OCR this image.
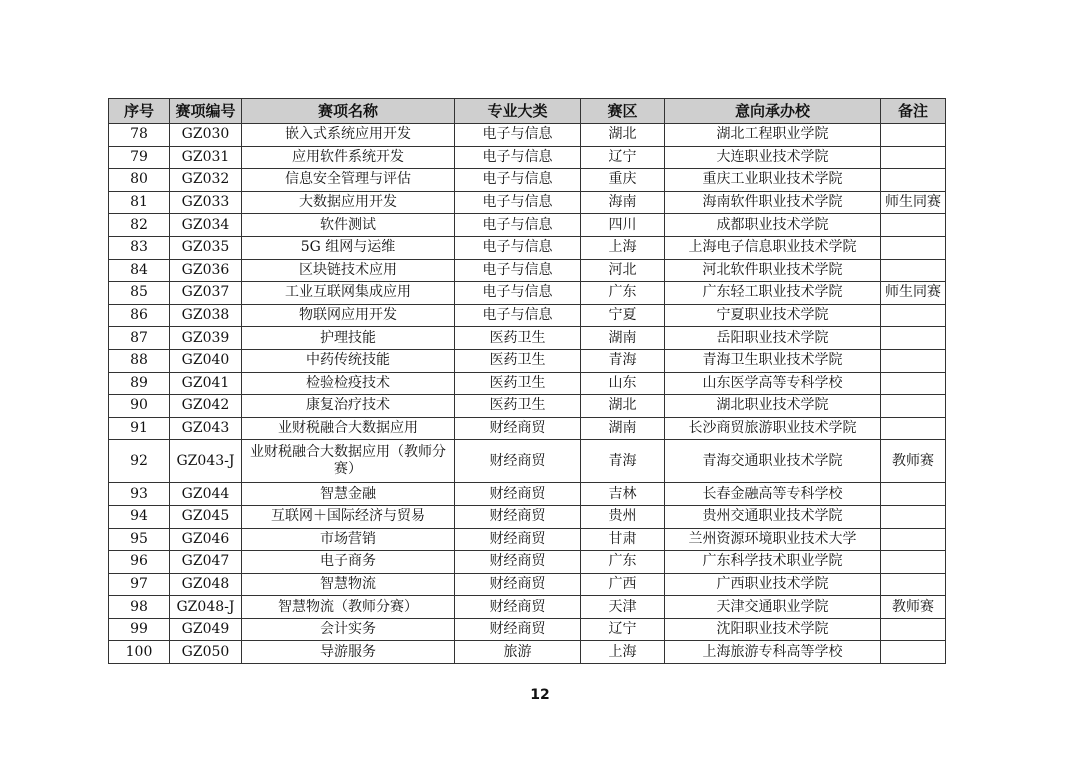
序号	赛项编号	赛项名称	专业大类	赛区	意向承办校	备注
78	GZ030	嵌入式系统应用开发	电子与信息	湖北	湖北工程职业学院	
79	GZ031	应用软件系统开发	电子与信息	辽宁	大连职业技术学院	
80	GZ032	信息安全管理与评估	电子与信息	重庆	重庆工业职业技术学院	
81	GZ033	大数据应用开发	电子与信息	海南	海南软件职业技术学院	师生同赛
82	GZ034	软件测试	电子与信息	四川	成都职业技术学院	
83	GZ035	5G 组网与运维	电子与信息	上海	上海电子信息职业技术学院	
84	GZ036	区块链技术应用	电子与信息	河北	河北软件职业技术学院	
85	GZ037	工业互联网集成应用	电子与信息	广东	广东轻工职业技术学院	师生同赛
86	GZ038	物联网应用开发	电子与信息	宁夏	宁夏职业技术学院	
87	GZ039	护理技能	医药卫生	湖南	岳阳职业技术学院	
88	GZ040	中药传统技能	医药卫生	青海	青海卫生职业技术学院	
89	GZ041	检验检疫技术	医药卫生	山东	山东医学高等专科学校	
90	GZ042	康复治疗技术	医药卫生	湖北	湖北职业技术学院	
91	GZ043	业财税融合大数据应用	财经商贸	湖南	长沙商贸旅游职业技术学院	
92	GZ043-J	业财税融合大数据应用（教师分赛）	财经商贸	青海	青海交通职业技术学院	教师赛
93	GZ044	智慧金融	财经商贸	吉林	长春金融高等专科学校	
94	GZ045	互联网＋国际经济与贸易	财经商贸	贵州	贵州交通职业技术学院	
95	GZ046	市场营销	财经商贸	甘肃	兰州资源环境职业技术大学	
96	GZ047	电子商务	财经商贸	广东	广东科学技术职业学院	
97	GZ048	智慧物流	财经商贸	广西	广西职业技术学院	
98	GZ048-J	智慧物流（教师分赛）	财经商贸	天津	天津交通职业学院	教师赛
99	GZ049	会计实务	财经商贸	辽宁	沈阳职业技术学院	
100	GZ050	导游服务	旅游	上海	上海旅游专科高等学校	
12
